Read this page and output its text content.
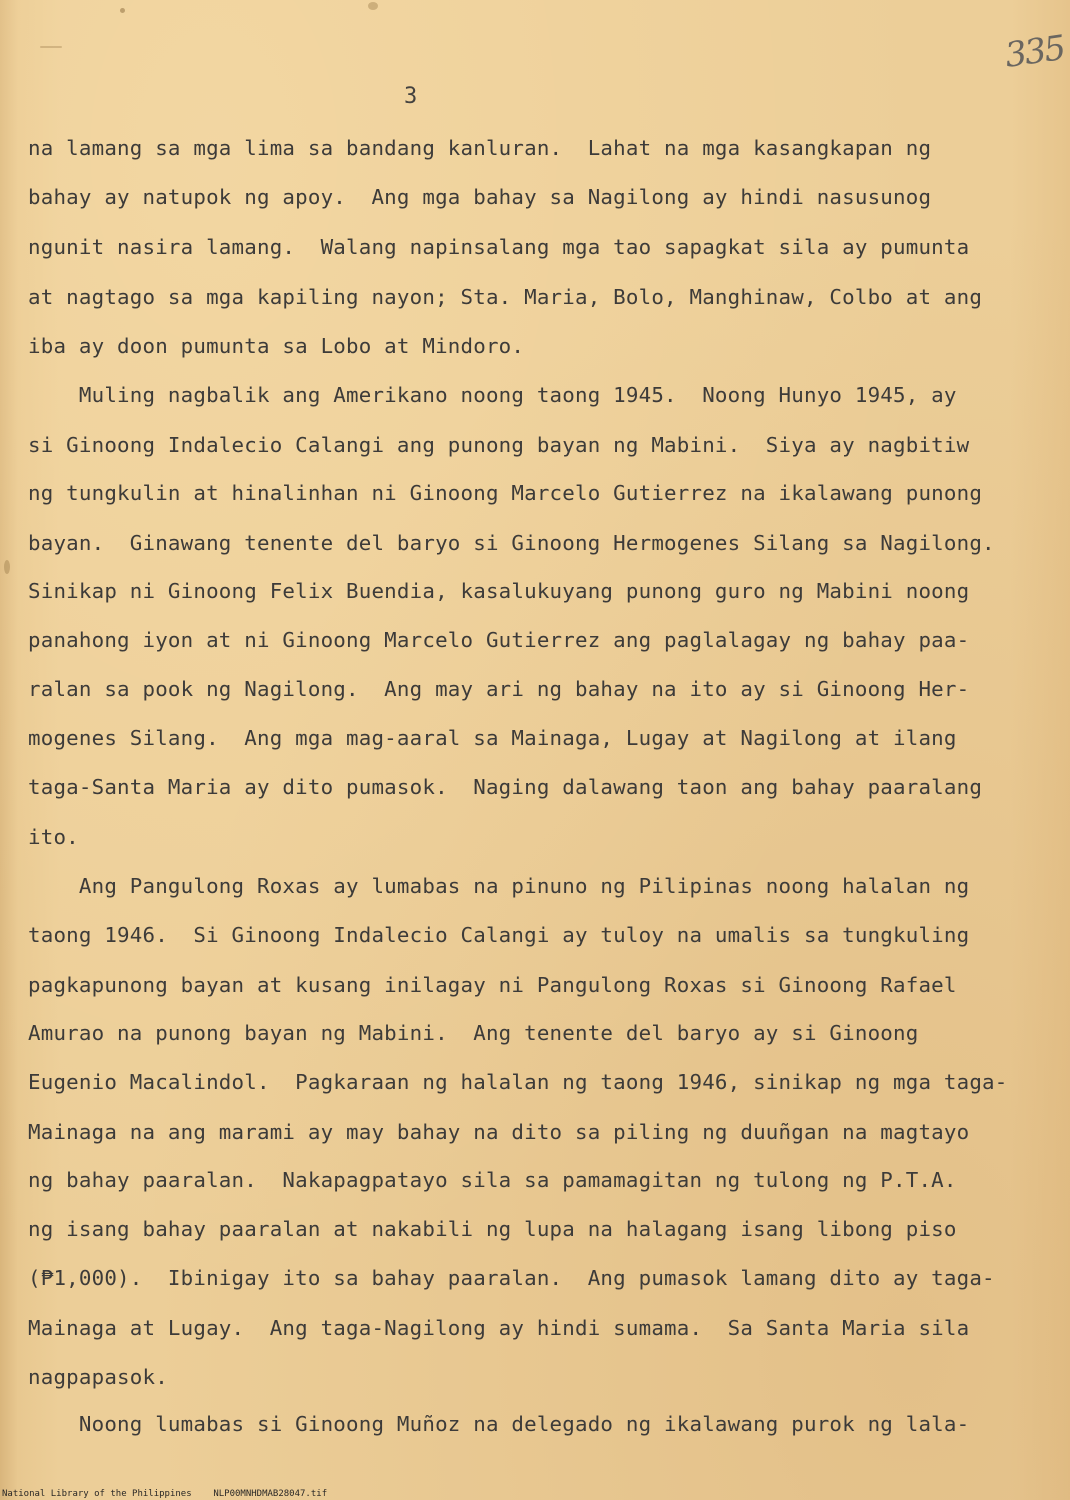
335
3
na lamang sa mga lima sa bandang kanluran.  Lahat na mga kasangkapan ng
bahay ay natupok ng apoy.  Ang mga bahay sa Nagilong ay hindi nasusunog
ngunit nasira lamang.  Walang napinsalang mga tao sapagkat sila ay pumunta
at nagtago sa mga kapiling nayon; Sta. Maria, Bolo, Manghinaw, Colbo at ang
iba ay doon pumunta sa Lobo at Mindoro.
Muling nagbalik ang Amerikano noong taong 1945.  Noong Hunyo 1945, ay
si Ginoong Indalecio Calangi ang punong bayan ng Mabini.  Siya ay nagbitiw
ng tungkulin at hinalinhan ni Ginoong Marcelo Gutierrez na ikalawang punong
bayan.  Ginawang tenente del baryo si Ginoong Hermogenes Silang sa Nagilong.
Sinikap ni Ginoong Felix Buendia, kasalukuyang punong guro ng Mabini noong
panahong iyon at ni Ginoong Marcelo Gutierrez ang paglalagay ng bahay paa-
ralan sa pook ng Nagilong.  Ang may ari ng bahay na ito ay si Ginoong Her-
mogenes Silang.  Ang mga mag-aaral sa Mainaga, Lugay at Nagilong at ilang
taga-Santa Maria ay dito pumasok.  Naging dalawang taon ang bahay paaralang
ito.
Ang Pangulong Roxas ay lumabas na pinuno ng Pilipinas noong halalan ng
taong 1946.  Si Ginoong Indalecio Calangi ay tuloy na umalis sa tungkuling
pagkapunong bayan at kusang inilagay ni Pangulong Roxas si Ginoong Rafael
Amurao na punong bayan ng Mabini.  Ang tenente del baryo ay si Ginoong
Eugenio Macalindol.  Pagkaraan ng halalan ng taong 1946, sinikap ng mga taga-
Mainaga na ang marami ay may bahay na dito sa piling ng duuñgan na magtayo
ng bahay paaralan.  Nakapagpatayo sila sa pamamagitan ng tulong ng P.T.A.
ng isang bahay paaralan at nakabili ng lupa na halagang isang libong piso
(₱1,000).  Ibinigay ito sa bahay paaralan.  Ang pumasok lamang dito ay taga-
Mainaga at Lugay.  Ang taga-Nagilong ay hindi sumama.  Sa Santa Maria sila
nagpapasok.
Noong lumabas si Ginoong Muñoz na delegado ng ikalawang purok ng lala-
National Library of the Philippines    NLP00MNHDMAB28047.tif
